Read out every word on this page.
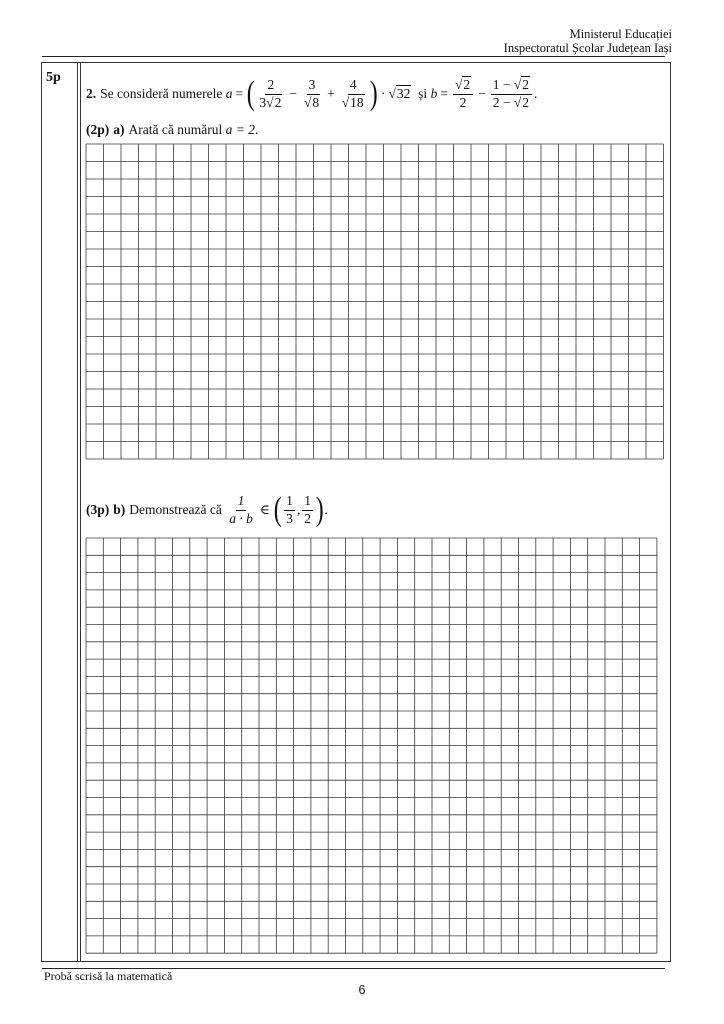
Ministerul Educației
Inspectoratul Școlar Județean Iași
5p
2. Se consideră numerele
a = ( $\frac{2}{3√2} - \frac{3}{√8} + \frac{4}{√18}$ ) · √32
și
$b = \frac{√2}{2} - \frac{1 - √2}{2 - √2}$ .
(2p) a) Arată că numărul
a = 2 .
(3p) b) Demonstrează că
$\frac{1}{a \cdot b}$ ∈ ( $\frac{1}{3}$ , $\frac{1}{2}$ ) .
Probă scrisă la matematică
6
